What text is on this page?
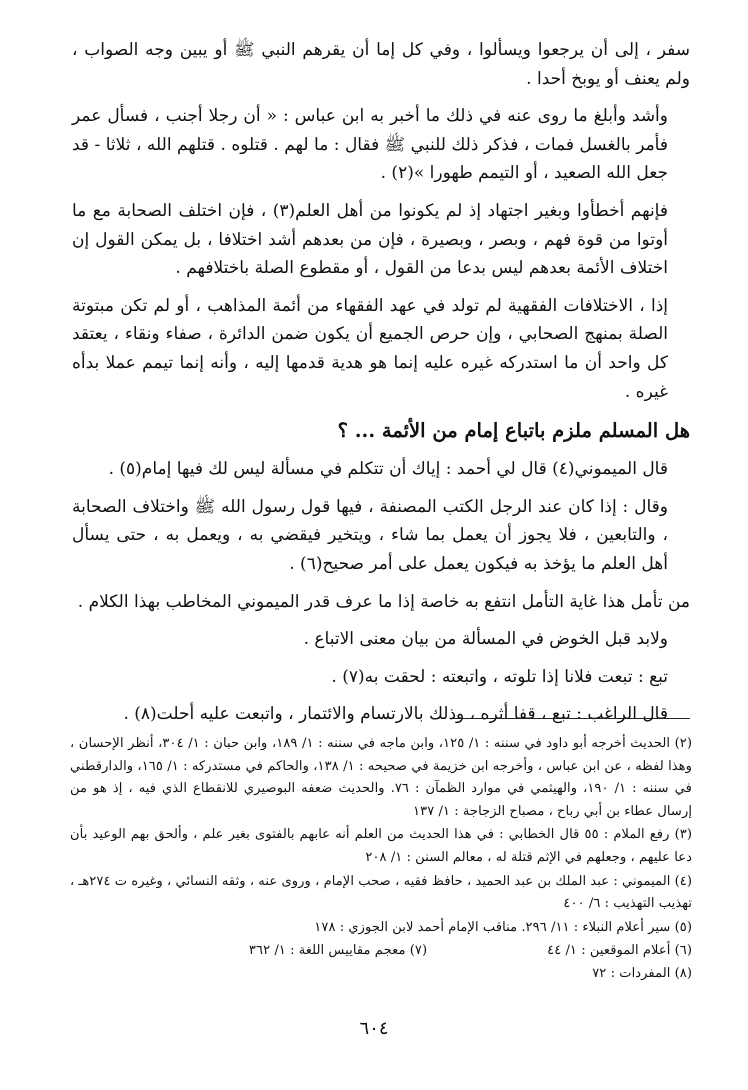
سفر ، إلى أن يرجعوا ويسألوا ، وفي كل إما أن يقرهم النبي ﷺ أو يبين وجه الصواب ، ولم يعنف أو يوبخ أحدا .

وأشد وأبلغ ما روى عنه في ذلك ما أخبر به ابن عباس : « أن رجلا أجنب ، فسأل عمر فأمر بالغسل فمات ، فذكر ذلك للنبي ﷺ فقال : ما لهم . قتلوه . قتلهم الله ، ثلاثا - قد جعل الله الصعيد ، أو التيمم طهورا »(٢) .

فإنهم أخطأوا وبغير اجتهاد إذ لم يكونوا من أهل العلم(٣) ، فإن اختلف الصحابة مع ما أوتوا من قوة فهم ، وبصر ، وبصيرة ، فإن من بعدهم أشد اختلافا ، بل يمكن القول إن اختلاف الأئمة بعدهم ليس بدعا من القول ، أو مقطوع الصلة باختلافهم .

إذا ، الاختلافات الفقهية لم تولد في عهد الفقهاء من أئمة المذاهب ، أو لم تكن مبتوتة الصلة بمنهج الصحابي ، وإن حرص الجميع أن يكون ضمن الدائرة ، صفاء ونقاء ، يعتقد كل واحد أن ما استدركه غيره عليه إنما هو هدية قدمها إليه ، وأنه إنما تيمم عملا بدأه غيره .

هل المسلم ملزم باتباع إمام من الأئمة ... ؟

قال الميموني(٤) قال لي أحمد : إياك أن تتكلم في مسألة ليس لك فيها إمام(٥) .

وقال : إذا كان عند الرجل الكتب المصنفة ، فيها قول رسول الله ﷺ واختلاف الصحابة ، والتابعين ، فلا يجوز أن يعمل بما شاء ، ويتخير فيقضي به ، ويعمل به ، حتى يسأل أهل العلم ما يؤخذ به فيكون يعمل على أمر صحيح(٦) .

من تأمل هذا غاية التأمل انتفع به خاصة إذا ما عرف قدر الميموني المخاطب بهذا الكلام .

ولابد قبل الخوض في المسألة من بيان معنى الاتباع .

تبع : تبعت فلانا إذا تلوته ، واتبعته : لحقت به(٧) .

قال الراغب : تبع ، قفا أثره ، وذلك بالارتسام والائتمار ، واتبعت عليه أحلت(٨) .

(٢) الحديث أخرجه أبو داود في سننه : ١/ ١٢٥، وابن ماجه في سننه : ١/ ١٨٩، وابن حبان : ١/ ٣٠٤، أنظر الإحسان ، وهذا لفظه ، عن ابن عباس ، وأخرجه ابن خزيمة في صحيحه : ١/ ١٣٨، والحاكم في مستدركه : ١/ ١٦٥، والدارقطني في سننه : ١/ ١٩٠، والهيثمي في موارد الظمآن : ٧٦. والحديث ضعفه البوصيري للانقطاع الذي فيه ، إذ هو من إرسال عطاء بن أبي رباح ، مصباح الزجاجة : ١/ ١٣٧

(٣) رفع الملام : ٥٥ قال الخطابي : في هذا الحديث من العلم أنه عابهم بالفتوى بغير علم ، وألحق بهم الوعيد بأن دعا عليهم ، وجعلهم في الإثم قتلة له ، معالم السنن : ١/ ٢٠٨

(٤) الميموني : عبد الملك بن عبد الحميد ، حافظ فقيه ، صحب الإمام ، وروى عنه ، وثقه النسائي ، وغيره ت ٢٧٤هـ ، تهذيب التهذيب : ٦/ ٤٠٠

(٥) سير أعلام النبلاء : ١١/ ٢٩٦. مناقب الإمام أحمد لابن الجوزي : ١٧٨

(٦) أعلام الموقعين : ١/ ٤٤
(٧) معجم مقاييس اللغة : ١/ ٣٦٢

(٨) المفردات : ٧٢

٦٠٤
